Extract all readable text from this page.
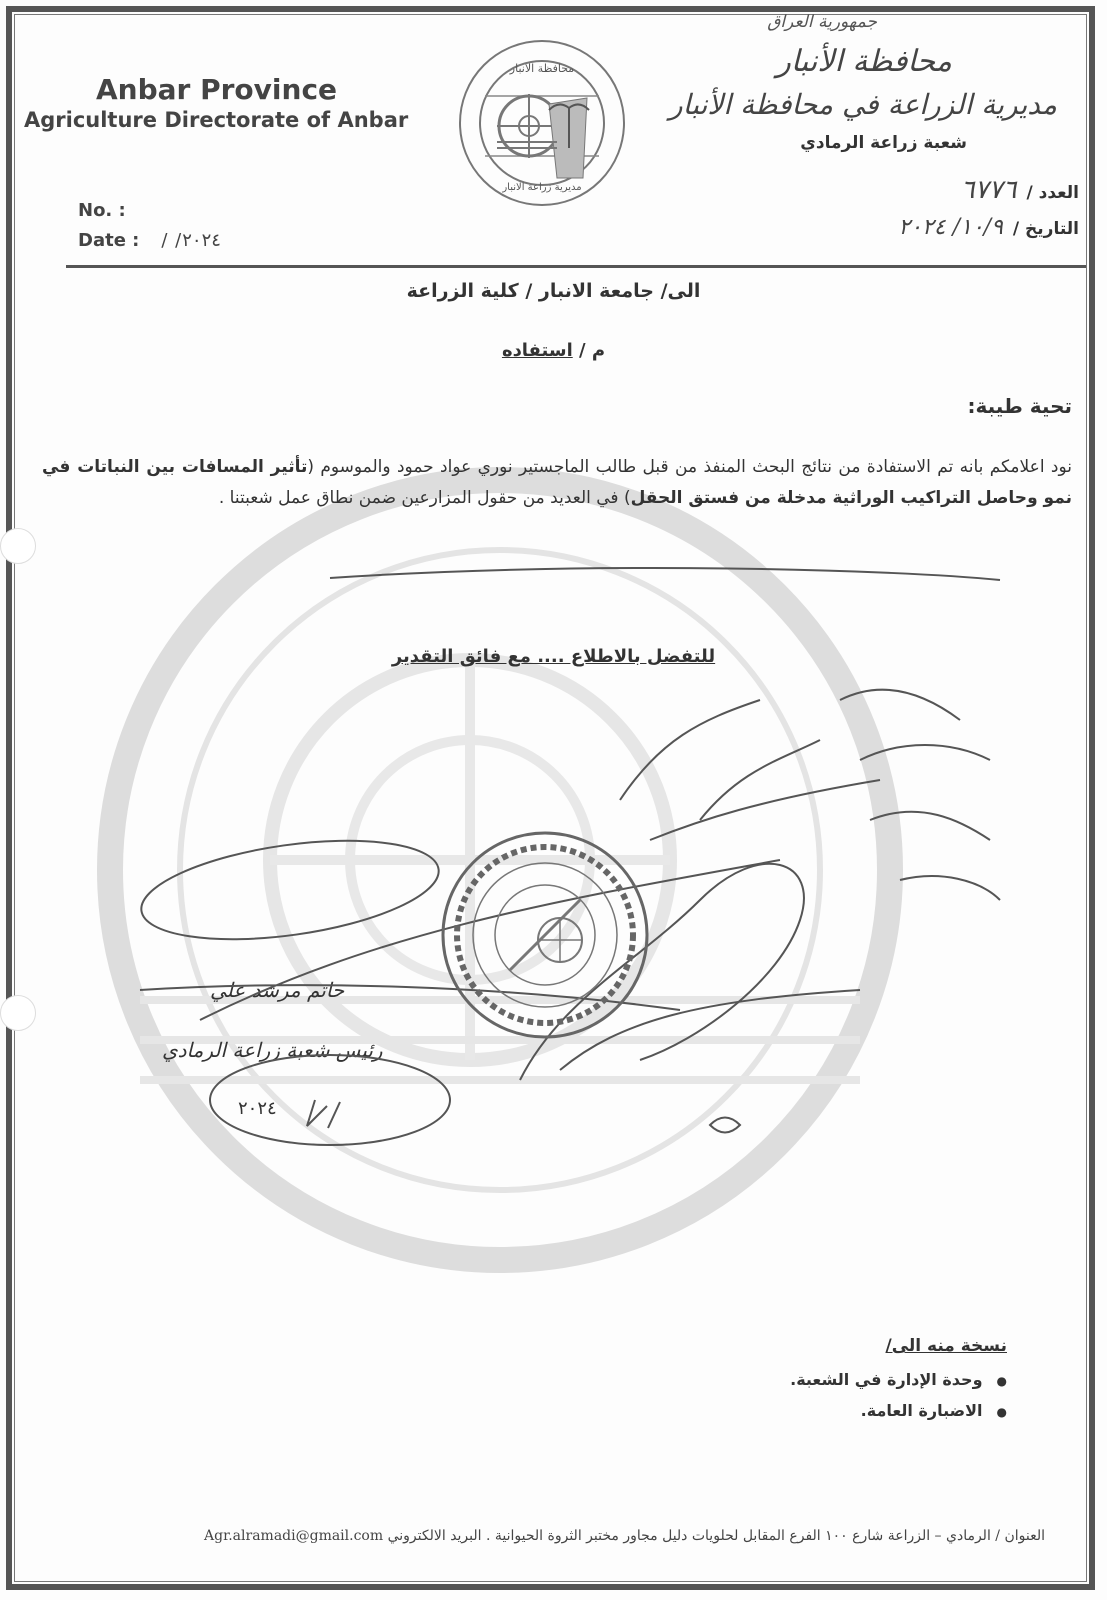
Anbar Province
Agriculture Directorate of Anbar
No. :
Date : / /٢٠٢٤
محافظة الانبار
مديرية زراعة الانبار
جمهورية العراق
محافظة الأنبار
مديرية الزراعة في محافظة الأنبار
شعبة زراعة الرمادي
العدد /٦٧٧٦
التاريخ /١٠/٩/ ٢٠٢٤
الى/ جامعة الانبار / كلية الزراعة
م / استفاده
تحية طيبة:
نود اعلامكم بانه تم الاستفادة من نتائج البحث المنفذ من قبل طالب الماجستير نوري عواد حمود والموسوم (تأثير المسافات بين النباتات في نمو وحاصل التراكيب الوراثية مدخلة من فستق الحقل) في العديد من حقول المزارعين ضمن نطاق عمل شعبتنا .
للتفضل بالاطلاع .... مع فائق التقدير
حاتم مرشد علي
رئيس شعبة زراعة الرمادي
٢٠٢٤
نسخة منه الى/
● وحدة الإدارة في الشعبة.
● الاضبارة العامة.
العنوان / الرمادي – الزراعة شارع ١٠٠ الفرع المقابل لحلويات دليل مجاور مختبر الثروة الحيوانية . البريد الالكتروني Agr.alramadi@gmail.com
